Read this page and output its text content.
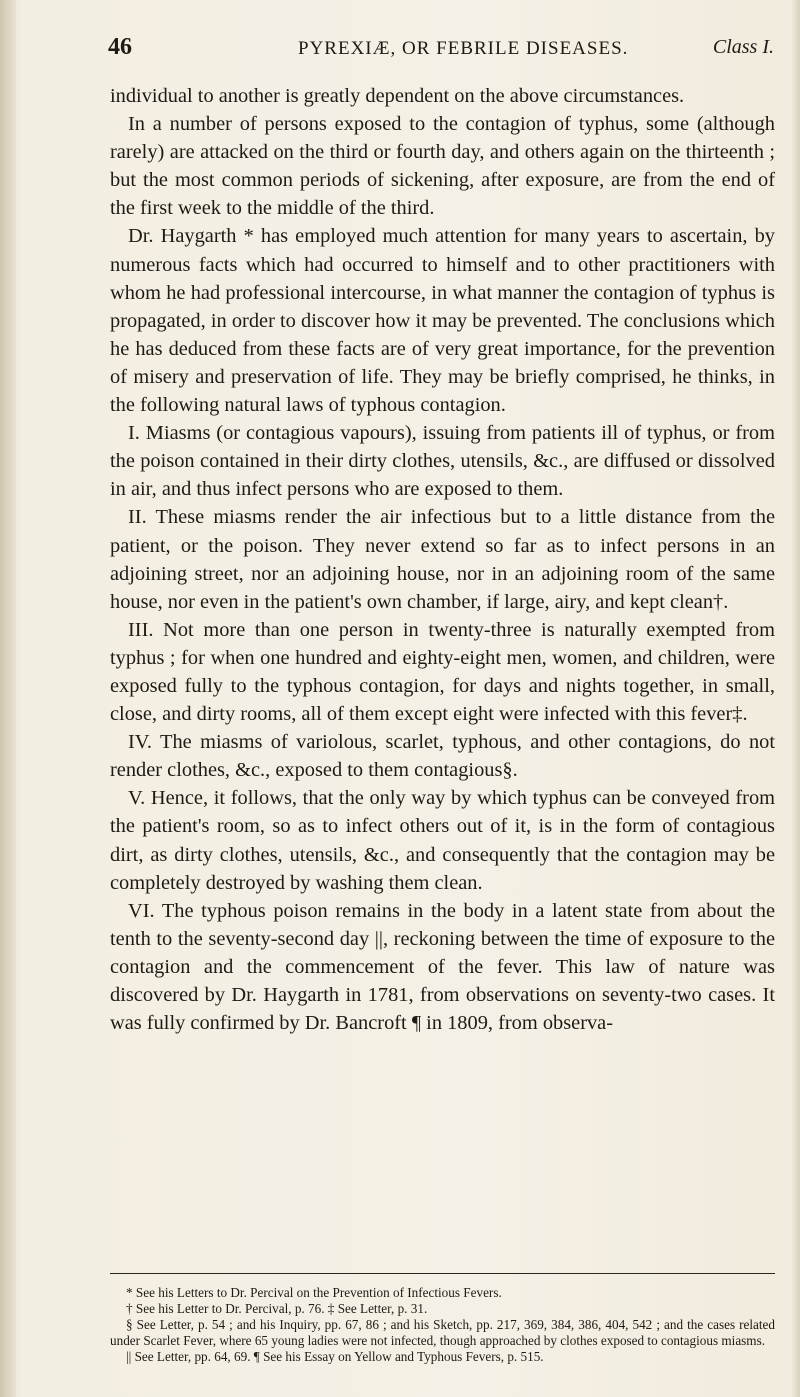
46	PYREXIÆ, OR FEBRILE DISEASES.	Class I.

individual to another is greatly dependent on the above circumstances.

In a number of persons exposed to the contagion of typhus, some (although rarely) are attacked on the third or fourth day, and others again on the thirteenth ; but the most common periods of sickening, after exposure, are from the end of the first week to the middle of the third.

Dr. Haygarth * has employed much attention for many years to ascertain, by numerous facts which had occurred to himself and to other practitioners with whom he had professional intercourse, in what manner the contagion of typhus is propagated, in order to discover how it may be prevented. The conclusions which he has deduced from these facts are of very great importance, for the prevention of misery and preservation of life. They may be briefly comprised, he thinks, in the following natural laws of typhous contagion.

I. Miasms (or contagious vapours), issuing from patients ill of typhus, or from the poison contained in their dirty clothes, utensils, &c., are diffused or dissolved in air, and thus infect persons who are exposed to them.

II. These miasms render the air infectious but to a little distance from the patient, or the poison. They never extend so far as to infect persons in an adjoining street, nor an adjoining house, nor in an adjoining room of the same house, nor even in the patient's own chamber, if large, airy, and kept clean†.

III. Not more than one person in twenty-three is naturally exempted from typhus ; for when one hundred and eighty-eight men, women, and children, were exposed fully to the typhous contagion, for days and nights together, in small, close, and dirty rooms, all of them except eight were infected with this fever‡.

IV. The miasms of variolous, scarlet, typhous, and other contagions, do not render clothes, &c., exposed to them contagious§.

V. Hence, it follows, that the only way by which typhus can be conveyed from the patient's room, so as to infect others out of it, is in the form of contagious dirt, as dirty clothes, utensils, &c., and consequently that the contagion may be completely destroyed by washing them clean.

VI. The typhous poison remains in the body in a latent state from about the tenth to the seventy-second day ||, reckoning between the time of exposure to the contagion and the commencement of the fever. This law of nature was discovered by Dr. Haygarth in 1781, from observations on seventy-two cases. It was fully confirmed by Dr. Bancroft ¶ in 1809, from observa-

* See his Letters to Dr. Percival on the Prevention of Infectious Fevers.

† See his Letter to Dr. Percival, p. 76. ‡ See Letter, p. 31.

§ See Letter, p. 54 ; and his Inquiry, pp. 67, 86 ; and his Sketch, pp. 217, 369, 384, 386, 404, 542 ; and the cases related under Scarlet Fever, where 65 young ladies were not infected, though approached by clothes exposed to contagious miasms.

|| See Letter, pp. 64, 69. ¶ See his Essay on Yellow and Typhous Fevers, p. 515.
